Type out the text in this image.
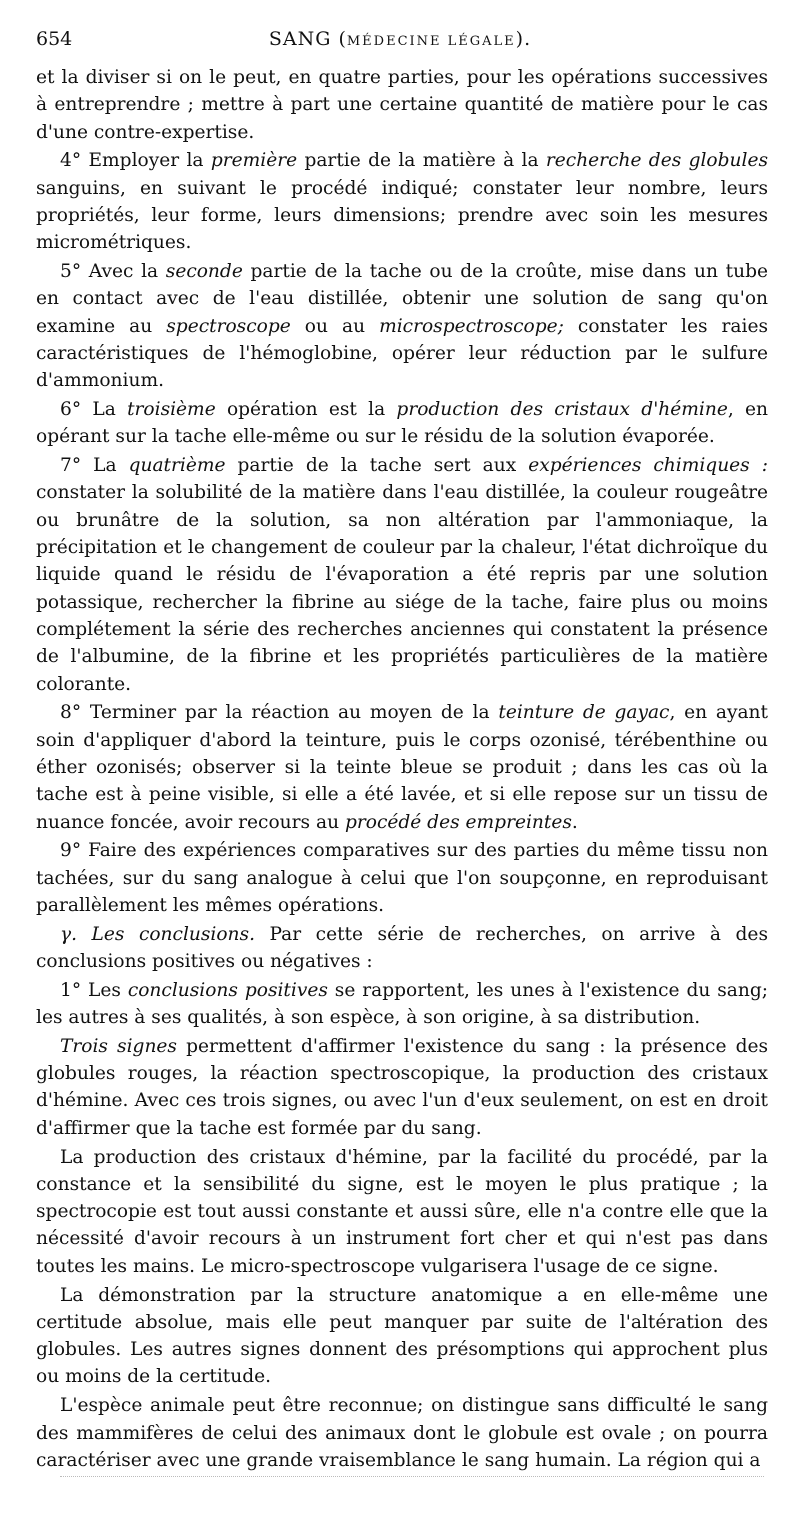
654	SANG (MÉDECINE LÉGALE).

et la diviser si on le peut, en quatre parties, pour les opérations successives à entreprendre ; mettre à part une certaine quantité de matière pour le cas d'une contre-expertise.

4° Employer la première partie de la matière à la recherche des globules sanguins, en suivant le procédé indiqué; constater leur nombre, leurs propriétés, leur forme, leurs dimensions; prendre avec soin les mesures micrométriques.

5° Avec la seconde partie de la tache ou de la croûte, mise dans un tube en contact avec de l'eau distillée, obtenir une solution de sang qu'on examine au spectroscope ou au microspectroscope; constater les raies caractéristiques de l'hémoglobine, opérer leur réduction par le sulfure d'ammonium.

6° La troisième opération est la production des cristaux d'hémine, en opérant sur la tache elle-même ou sur le résidu de la solution évaporée.

7° La quatrième partie de la tache sert aux expériences chimiques : constater la solubilité de la matière dans l'eau distillée, la couleur rougeâtre ou brunâtre de la solution, sa non altération par l'ammoniaque, la précipitation et le changement de couleur par la chaleur, l'état dichroïque du liquide quand le résidu de l'évaporation a été repris par une solution potassique, rechercher la fibrine au siége de la tache, faire plus ou moins complétement la série des recherches anciennes qui constatent la présence de l'albumine, de la fibrine et les propriétés particulières de la matière colorante.

8° Terminer par la réaction au moyen de la teinture de gayac, en ayant soin d'appliquer d'abord la teinture, puis le corps ozonisé, térébenthine ou éther ozonisés; observer si la teinte bleue se produit ; dans les cas où la tache est à peine visible, si elle a été lavée, et si elle repose sur un tissu de nuance foncée, avoir recours au procédé des empreintes.

9° Faire des expériences comparatives sur des parties du même tissu non tachées, sur du sang analogue à celui que l'on soupçonne, en reproduisant parallèlement les mêmes opérations.

γ. Les conclusions. Par cette série de recherches, on arrive à des conclusions positives ou négatives :

1° Les conclusions positives se rapportent, les unes à l'existence du sang; les autres à ses qualités, à son espèce, à son origine, à sa distribution.

Trois signes permettent d'affirmer l'existence du sang : la présence des globules rouges, la réaction spectroscopique, la production des cristaux d'hémine. Avec ces trois signes, ou avec l'un d'eux seulement, on est en droit d'affirmer que la tache est formée par du sang.

La production des cristaux d'hémine, par la facilité du procédé, par la constance et la sensibilité du signe, est le moyen le plus pratique ; la spectrocopie est tout aussi constante et aussi sûre, elle n'a contre elle que la nécessité d'avoir recours à un instrument fort cher et qui n'est pas dans toutes les mains. Le micro-spectroscope vulgarisera l'usage de ce signe.

La démonstration par la structure anatomique a en elle-même une certitude absolue, mais elle peut manquer par suite de l'altération des globules. Les autres signes donnent des présomptions qui approchent plus ou moins de la certitude.

L'espèce animale peut être reconnue; on distingue sans difficulté le sang des mammifères de celui des animaux dont le globule est ovale ; on pourra caractériser avec une grande vraisemblance le sang humain. La région qui a
